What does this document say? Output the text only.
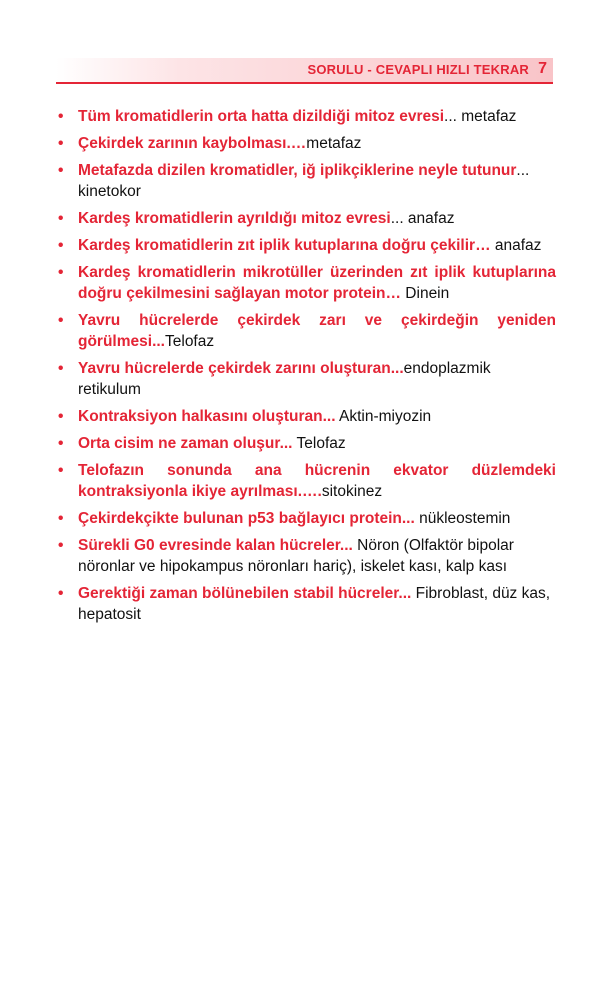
SORULU - CEVAPLI HIZLI TEKRAR 7
• Tüm kromatidlerin orta hatta dizildiği mitoz evresi... metafaz
• Çekirdek zarının kaybolması.…metafaz
• Metafazda dizilen kromatidler, iğ iplikçiklerine neyle tutunur... kinetokor
• Kardeş kromatidlerin ayrıldığı mitoz evresi... anafaz
• Kardeş kromatidlerin zıt iplik kutuplarına doğru çekilir… anafaz
• Kardeş kromatidlerin mikrotüller üzerinden zıt iplik kutuplarına doğru çekilmesini sağlayan motor protein… Dinein
• Yavru hücrelerde çekirdek zarı ve çekirdeğin yeniden görülmesi...Telofaz
• Yavru hücrelerde çekirdek zarını oluşturan...endoplazmik retikulum
• Kontraksiyon halkasını oluşturan... Aktin-miyozin
• Orta cisim ne zaman oluşur... Telofaz
• Telofazın sonunda ana hücrenin ekvator düzlemdeki kontraksiyonla ikiye ayrılması.….sitokinez
• Çekirdekçikte bulunan p53 bağlayıcı protein... nükleostemin
• Sürekli G0 evresinde kalan hücreler... Nöron (Olfaktör bipolar nöronlar ve hipokampus nöronları hariç), iskelet kası, kalp kası
• Gerektiği zaman bölünebilen stabil hücreler... Fibroblast, düz kas, hepatosit
